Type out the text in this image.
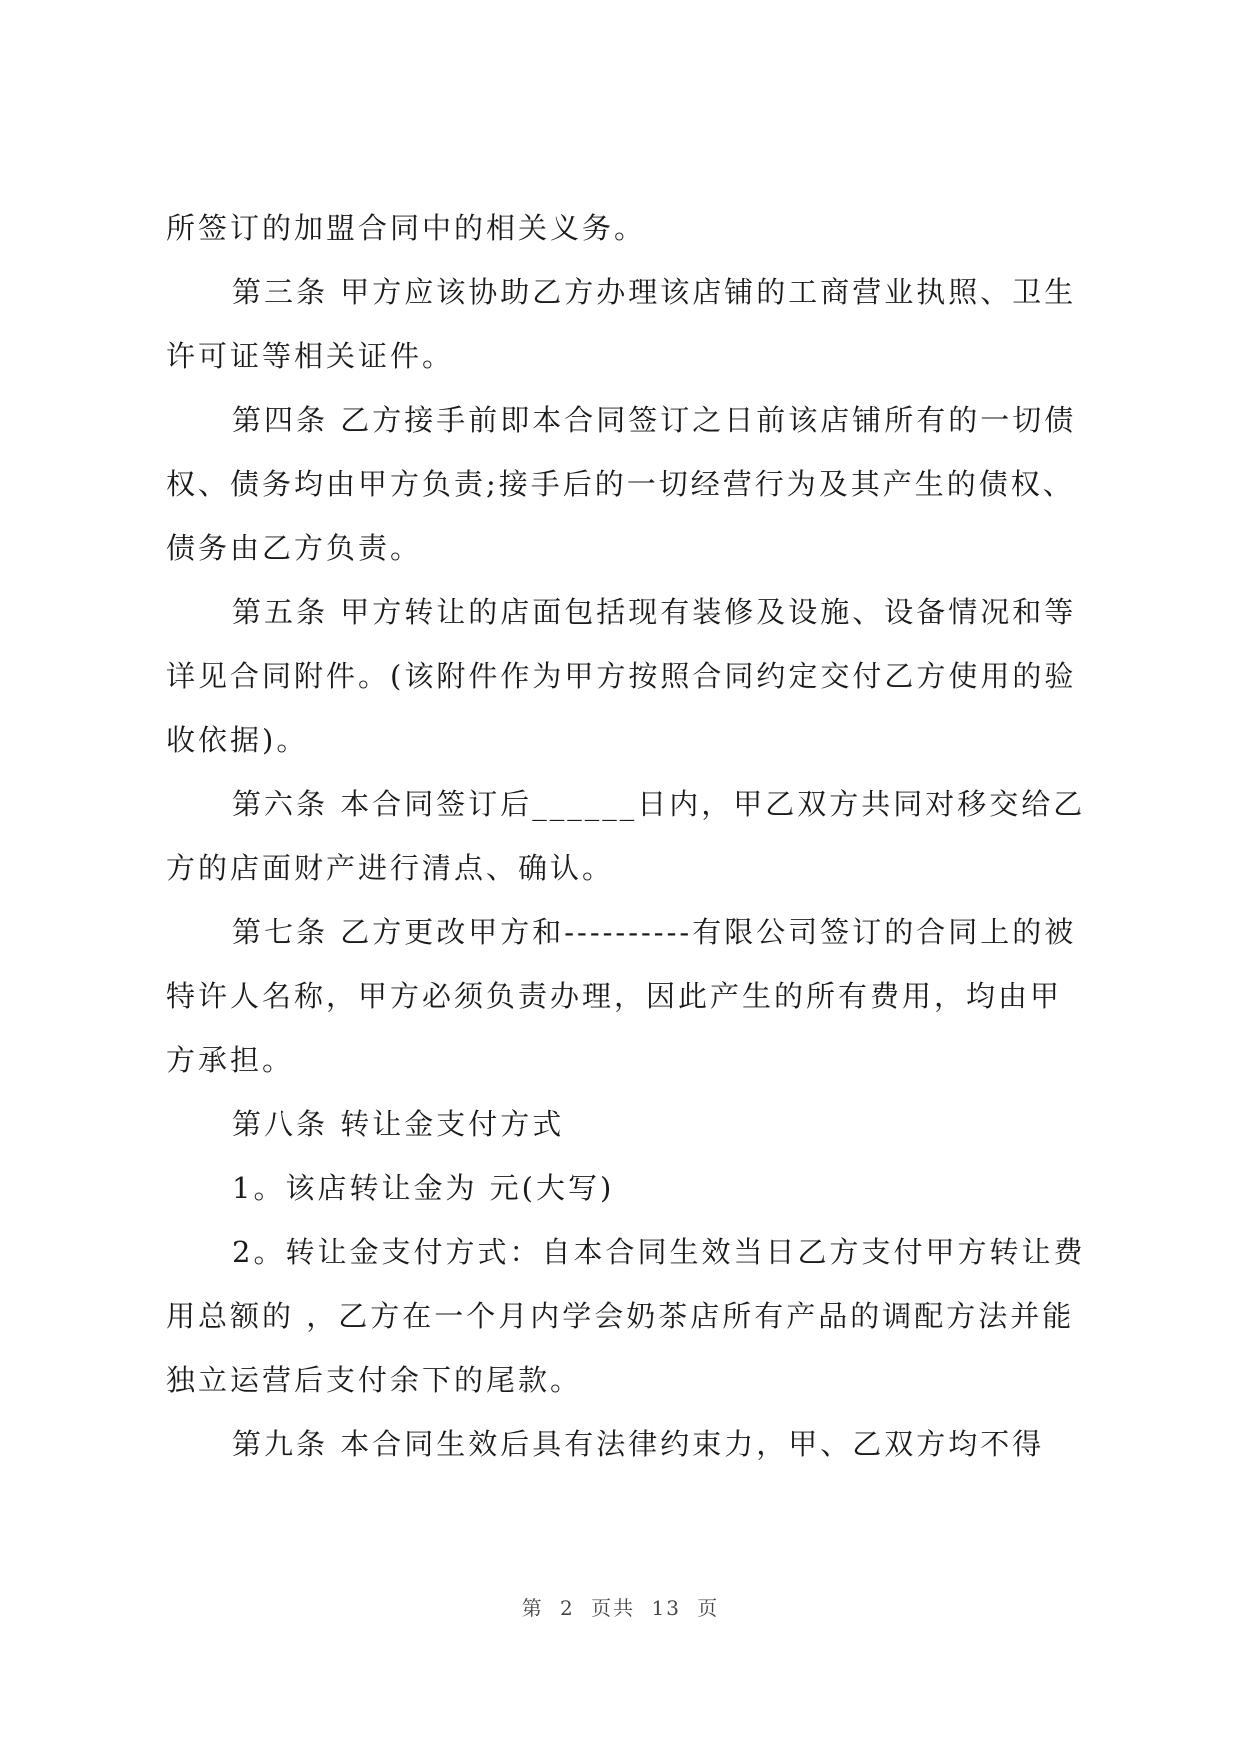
所签订的加盟合同中的相关义务。

第三条 甲方应该协助乙方办理该店铺的工商营业执照、卫生许可证等相关证件。

第四条 乙方接手前即本合同签订之日前该店铺所有的一切债权、债务均由甲方负责;接手后的一切经营行为及其产生的债权、债务由乙方负责。

第五条 甲方转让的店面包括现有装修及设施、设备情况和等详见合同附件。(该附件作为甲方按照合同约定交付乙方使用的验收依据)。

第六条 本合同签订后______日内，甲乙双方共同对移交给乙方的店面财产进行清点、确认。

第七条 乙方更改甲方和----------有限公司签订的合同上的被特许人名称，甲方必须负责办理，因此产生的所有费用，均由甲方承担。

第八条 转让金支付方式

1。该店转让金为 元(大写)

2。转让金支付方式：自本合同生效当日乙方支付甲方转让费用总额的 ，乙方在一个月内学会奶茶店所有产品的调配方法并能独立运营后支付余下的尾款。

第九条 本合同生效后具有法律约束力，甲、乙双方均不得

第 2 页共 13 页
